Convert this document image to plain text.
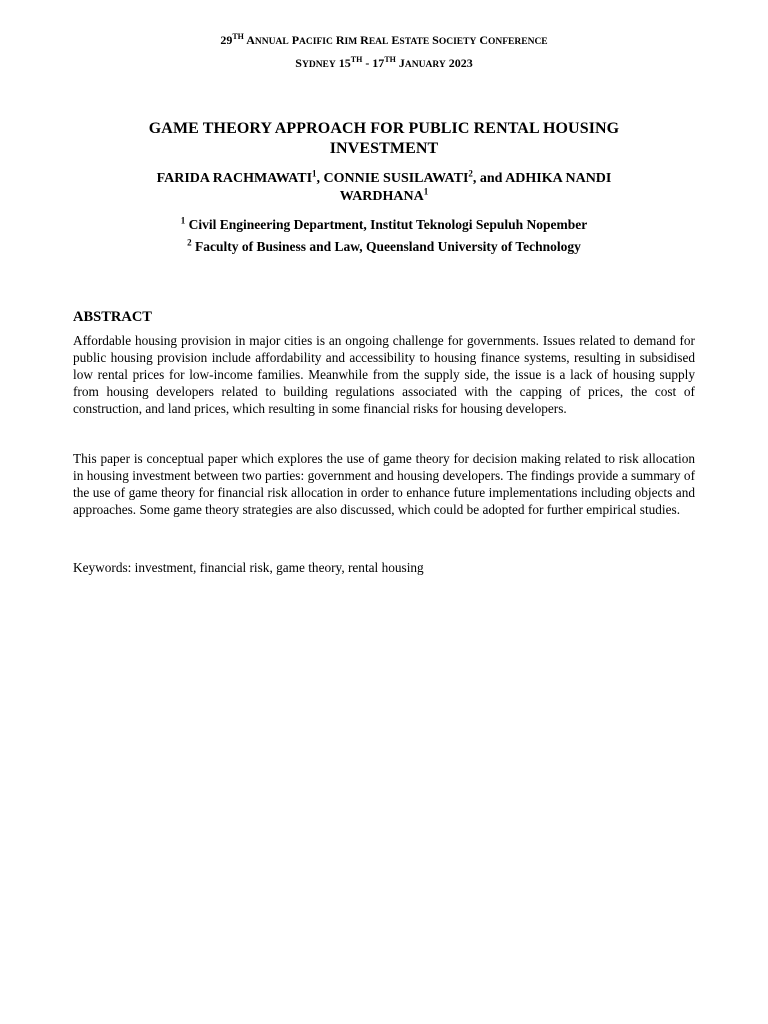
29TH ANNUAL PACIFIC RIM REAL ESTATE SOCIETY CONFERENCE
SYDNEY 15TH - 17TH JANUARY 2023
GAME THEORY APPROACH FOR PUBLIC RENTAL HOUSING
INVESTMENT
FARIDA RACHMAWATI$^1$, CONNIE SUSILAWATI$^2$, and ADHIKA NANDI
WARDHANA$^1$
$^1$ Civil Engineering Department, Institut Teknologi Sepuluh Nopember
$^2$ Faculty of Business and Law, Queensland University of Technology
ABSTRACT

Affordable housing provision in major cities is an ongoing challenge for governments. Issues related to demand for public housing provision include affordability and accessibility to housing finance systems, resulting in subsidised low rental prices for low-income families. Meanwhile from the supply side, the issue is a lack of housing supply from housing developers related to building regulations associated with the capping of prices, the cost of construction, and land prices, which resulting in some financial risks for housing developers.

This paper is conceptual paper which explores the use of game theory for decision making related to risk allocation in housing investment between two parties: government and housing developers. The findings provide a summary of the use of game theory for financial risk allocation in order to enhance future implementations including objects and approaches. Some game theory strategies are also discussed, which could be adopted for further empirical studies.

Keywords: investment, financial risk, game theory, rental housing
